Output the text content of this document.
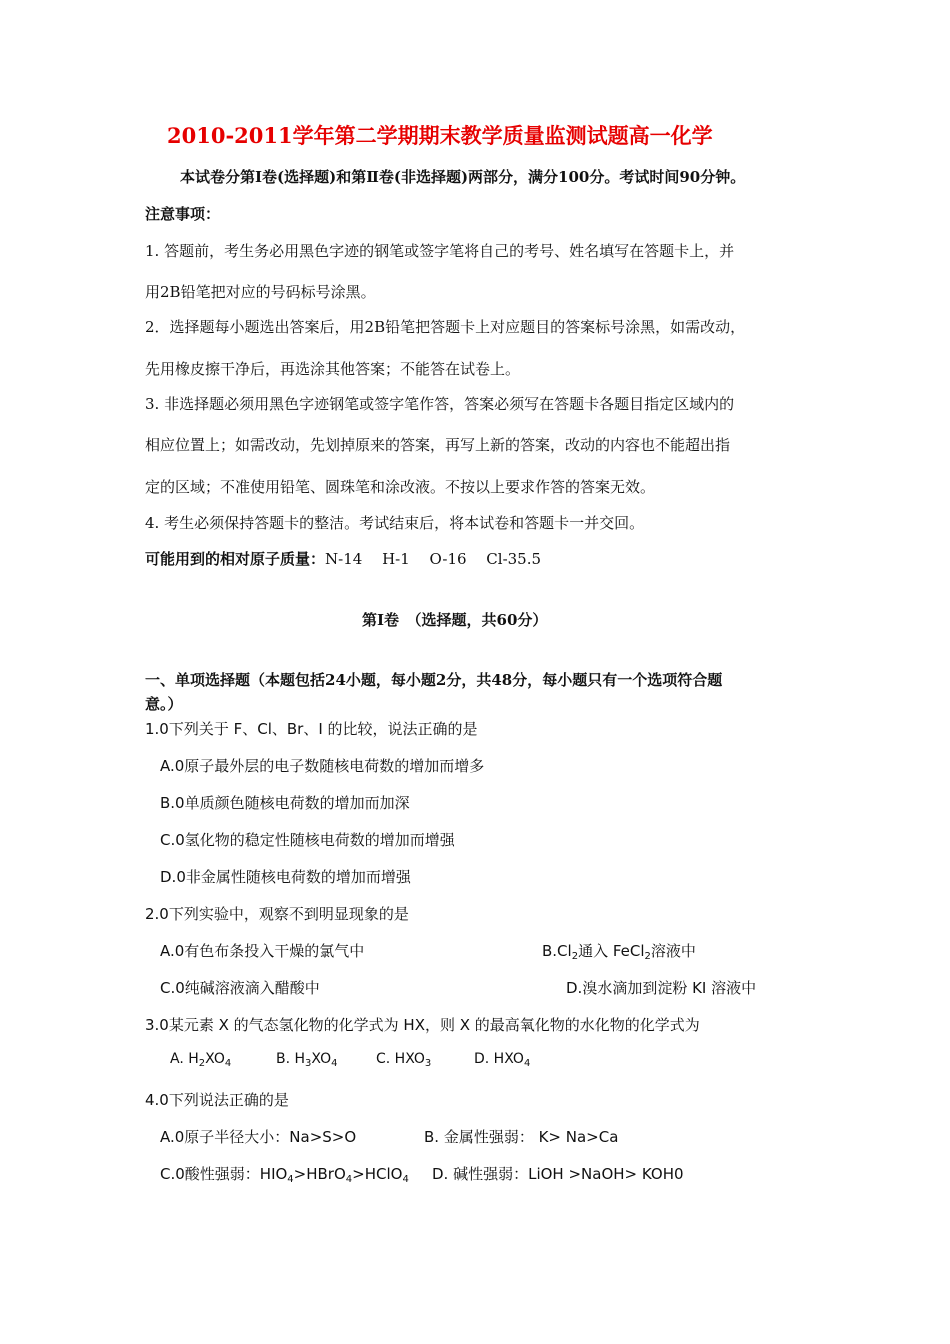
2010-2011学年第二学期期末教学质量监测试题高一化学
本试卷分第Ⅰ卷(选择题)和第Ⅱ卷(非选择题)两部分，满分100分。考试时间90分钟。
注意事项：
1. 答题前，考生务必用黑色字迹的钢笔或签字笔将自己的考号、姓名填写在答题卡上，并
用2B铅笔把对应的号码标号涂黑。
2．选择题每小题选出答案后，用2B铅笔把答题卡上对应题目的答案标号涂黑，如需改动，
先用橡皮擦干净后，再选涂其他答案；不能答在试卷上。
3. 非选择题必须用黑色字迹钢笔或签字笔作答，答案必须写在答题卡各题目指定区域内的
相应位置上；如需改动，先划掉原来的答案，再写上新的答案，改动的内容也不能超出指
定的区域；不准使用铅笔、圆珠笔和涂改液。不按以上要求作答的答案无效。
4. 考生必须保持答题卡的整洁。考试结束后，将本试卷和答题卡一并交回。
可能用到的相对原子质量：N-14　 H-1　 O-16　 Cl-35.5
第Ⅰ卷　（选择题，共60分）
一、单项选择题（本题包括24小题，每小题2分，共48分，每小题只有一个选项符合题
意。）
1.0下列关于 F、Cl、Br、I 的比较，说法正确的是
A.0原子最外层的电子数随核电荷数的增加而增多
B.0单质颜色随核电荷数的增加而加深
C.0氢化物的稳定性随核电荷数的增加而增强
D.0非金属性随核电荷数的增加而增强
2.0下列实验中，观察不到明显现象的是
A.0有色布条投入干燥的氯气中	$B.Cl_2$通入 FeCl$_2$溶液中
C.0纯碱溶液滴入醋酸中	D.溴水滴加到淀粉 KI 溶液中
3.0某元素 X 的气态氢化物的化学式为 HX，则 X 的最高氧化物的水化物的化学式为
A. $H_2XO_4$	B. $H_3XO_4$	C. $HXO_3$	D. $HXO_4$
4.0下列说法正确的是
A.0原子半径大小：Na>S>O	B. 金属性强弱： K> Na>Ca
C.0酸性强弱：$HIO_4>HBrO_4>HClO_4$ D. 碱性强弱：LiOH >NaOH> KOH0
